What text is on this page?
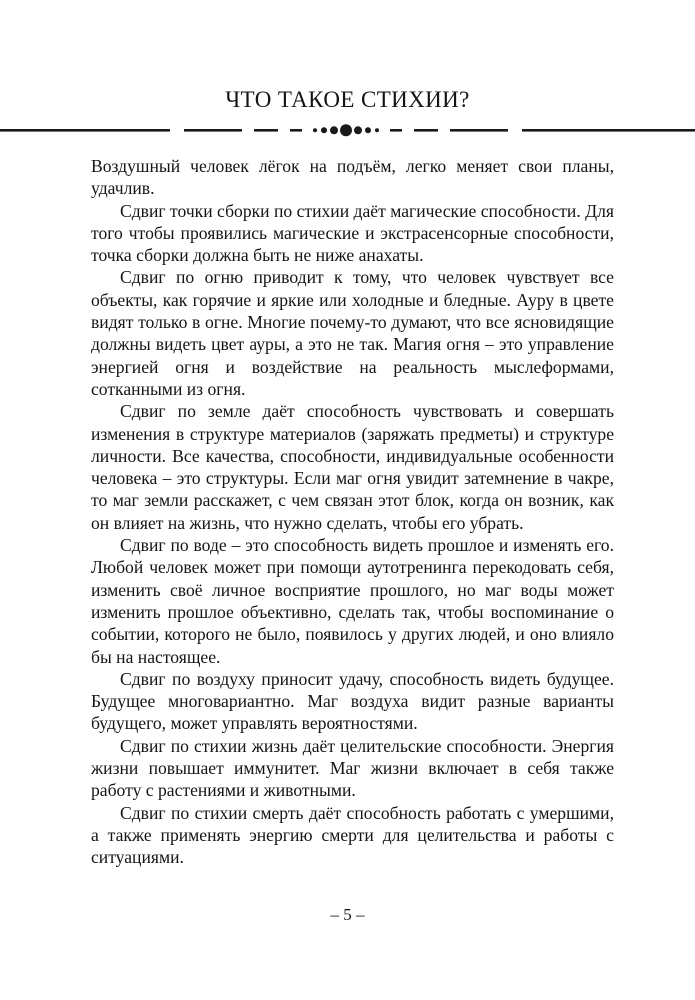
ЧТО ТАКОЕ СТИХИИ?

Воздушный человек лёгок на подъём, легко меняет свои планы, удачлив.

Сдвиг точки сборки по стихии даёт магические способности. Для того чтобы проявились магические и экстрасенсорные способности, точка сборки должна быть не ниже анахаты.

Сдвиг по огню приводит к тому, что человек чувствует все объекты, как горячие и яркие или холодные и бледные. Ауру в цвете видят только в огне. Многие почему-то думают, что все ясновидящие должны видеть цвет ауры, а это не так. Магия огня – это управление энергией огня и воздействие на реальность мыслеформами, сотканными из огня.

Сдвиг по земле даёт способность чувствовать и совершать изменения в структуре материалов (заряжать предметы) и структуре личности. Все качества, способности, индивидуальные особенности человека – это структуры. Если маг огня увидит затемнение в чакре, то маг земли расскажет, с чем связан этот блок, когда он возник, как он влияет на жизнь, что нужно сделать, чтобы его убрать.

Сдвиг по воде – это способность видеть прошлое и изменять его. Любой человек может при помощи аутотренинга перекодовать себя, изменить своё личное восприятие прошлого, но маг воды может изменить прошлое объективно, сделать так, чтобы воспоминание о событии, которого не было, появилось у других людей, и оно влияло бы на настоящее.

Сдвиг по воздуху приносит удачу, способность видеть будущее. Будущее многовариантно. Маг воздуха видит разные варианты будущего, может управлять вероятностями.

Сдвиг по стихии жизнь даёт целительские способности. Энергия жизни повышает иммунитет. Маг жизни включает в себя также работу с растениями и животными.

Сдвиг по стихии смерть даёт способность работать с умершими, а также применять энергию смерти для целительства и работы с ситуациями.

– 5 –
